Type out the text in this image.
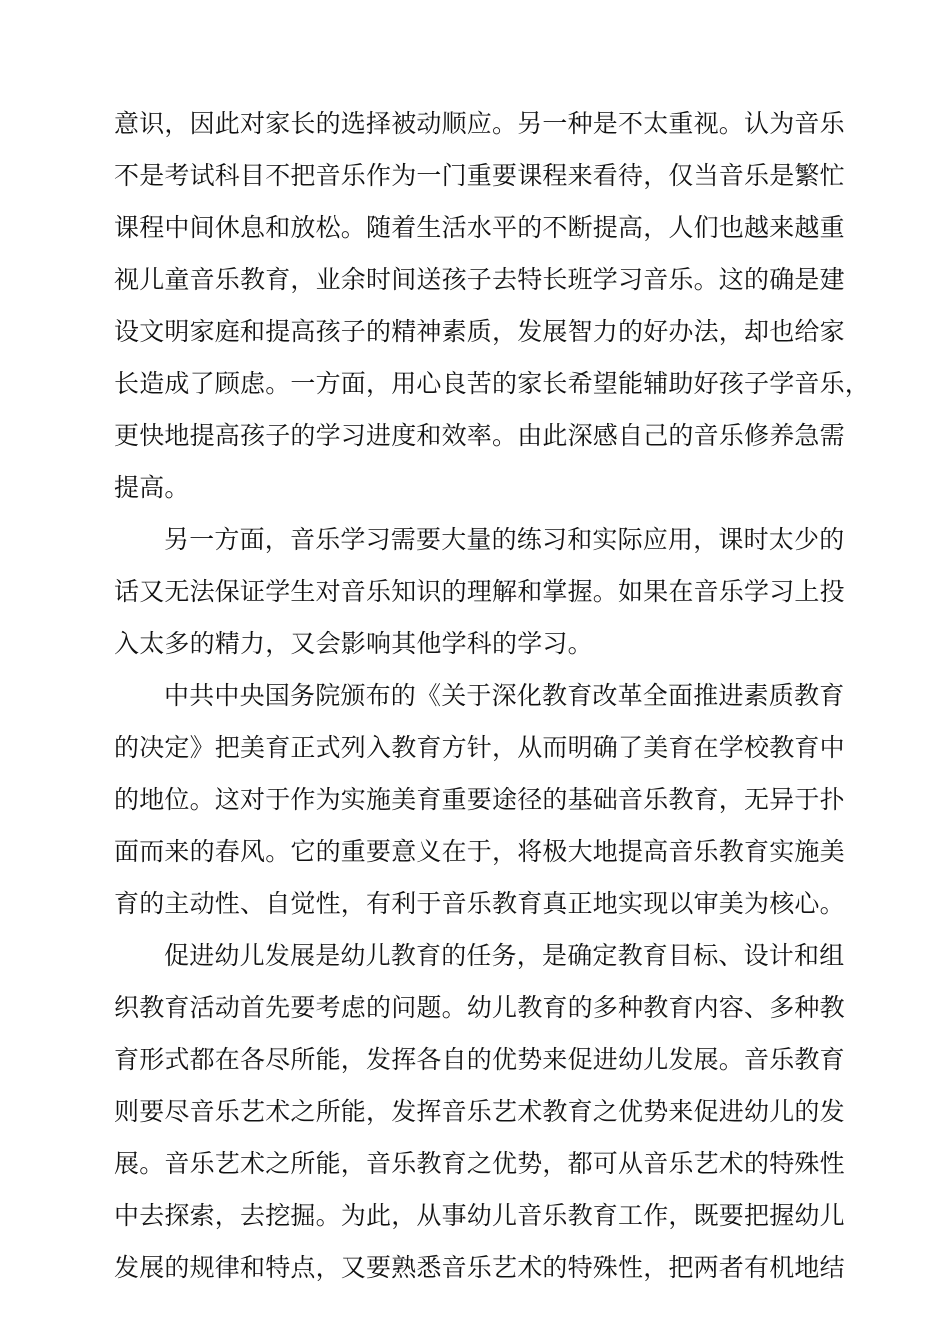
意识，因此对家长的选择被动顺应。另一种是不太重视。认为音乐
不是考试科目不把音乐作为一门重要课程来看待，仅当音乐是繁忙
课程中间休息和放松。随着生活水平的不断提高，人们也越来越重
视儿童音乐教育，业余时间送孩子去特长班学习音乐。这的确是建
设文明家庭和提高孩子的精神素质，发展智力的好办法，却也给家
长造成了顾虑。一方面，用心良苦的家长希望能辅助好孩子学音乐，
更快地提高孩子的学习进度和效率。由此深感自己的音乐修养急需
提高。
另一方面，音乐学习需要大量的练习和实际应用，课时太少的
话又无法保证学生对音乐知识的理解和掌握。如果在音乐学习上投
入太多的精力，又会影响其他学科的学习。
中共中央国务院颁布的《关于深化教育改革全面推进素质教育
的决定》把美育正式列入教育方针，从而明确了美育在学校教育中
的地位。这对于作为实施美育重要途径的基础音乐教育，无异于扑
面而来的春风。它的重要意义在于，将极大地提高音乐教育实施美
育的主动性、自觉性，有利于音乐教育真正地实现以审美为核心。
促进幼儿发展是幼儿教育的任务，是确定教育目标、设计和组
织教育活动首先要考虑的问题。幼儿教育的多种教育内容、多种教
育形式都在各尽所能，发挥各自的优势来促进幼儿发展。音乐教育
则要尽音乐艺术之所能，发挥音乐艺术教育之优势来促进幼儿的发
展。音乐艺术之所能，音乐教育之优势，都可从音乐艺术的特殊性
中去探索，去挖掘。为此，从事幼儿音乐教育工作，既要把握幼儿
发展的规律和特点，又要熟悉音乐艺术的特殊性，把两者有机地结
